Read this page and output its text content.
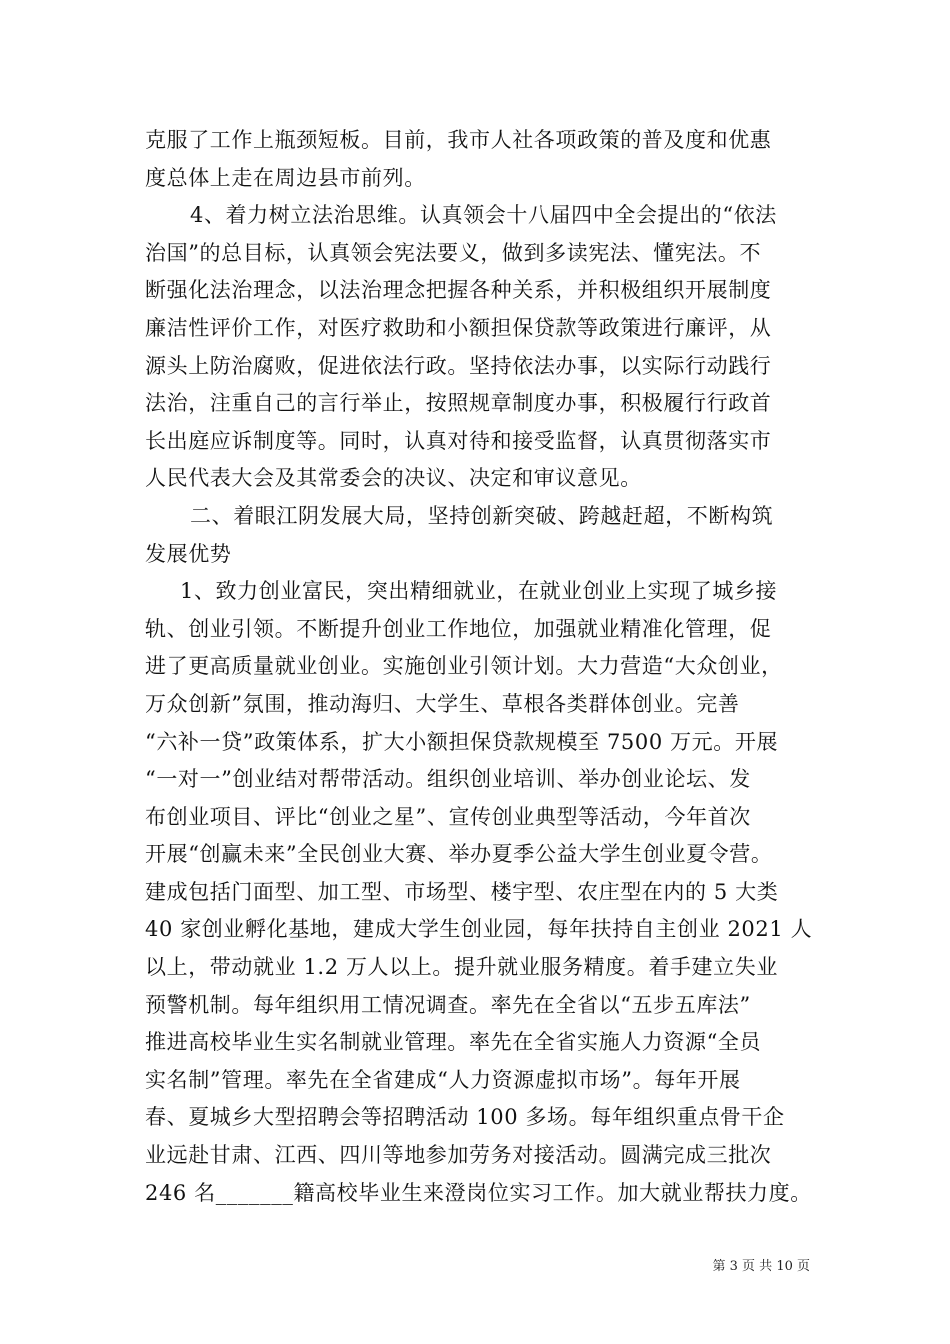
克服了工作上瓶颈短板。目前，我市人社各项政策的普及度和优惠
度总体上走在周边县市前列。
4、着力树立法治思维。认真领会十八届四中全会提出的“依法
治国”的总目标，认真领会宪法要义，做到多读宪法、懂宪法。不
断强化法治理念，以法治理念把握各种关系，并积极组织开展制度
廉洁性评价工作，对医疗救助和小额担保贷款等政策进行廉评，从
源头上防治腐败，促进依法行政。坚持依法办事，以实际行动践行
法治，注重自己的言行举止，按照规章制度办事，积极履行行政首
长出庭应诉制度等。同时，认真对待和接受监督，认真贯彻落实市
人民代表大会及其常委会的决议、决定和审议意见。
二、着眼江阴发展大局，坚持创新突破、跨越赶超，不断构筑
发展优势
1、致力创业富民，突出精细就业，在就业创业上实现了城乡接
轨、创业引领。不断提升创业工作地位，加强就业精准化管理，促
进了更高质量就业创业。实施创业引领计划。大力营造“大众创业，
万众创新”氛围，推动海归、大学生、草根各类群体创业。完善
“六补一贷”政策体系，扩大小额担保贷款规模至 7500 万元。开展
“一对一”创业结对帮带活动。组织创业培训、举办创业论坛、发
布创业项目、评比“创业之星”、宣传创业典型等活动，今年首次
开展“创赢未来”全民创业大赛、举办夏季公益大学生创业夏令营。
建成包括门面型、加工型、市场型、楼宇型、农庄型在内的 5 大类
40 家创业孵化基地，建成大学生创业园，每年扶持自主创业 2021 人
以上，带动就业 1.2 万人以上。提升就业服务精度。着手建立失业
预警机制。每年组织用工情况调查。率先在全省以“五步五库法”
推进高校毕业生实名制就业管理。率先在全省实施人力资源“全员
实名制”管理。率先在全省建成“人力资源虚拟市场”。每年开展
春、夏城乡大型招聘会等招聘活动 100 多场。每年组织重点骨干企
业远赴甘肃、江西、四川等地参加劳务对接活动。圆满完成三批次
246 名_______籍高校毕业生来澄岗位实习工作。加大就业帮扶力度。
第 3 页 共 10 页
